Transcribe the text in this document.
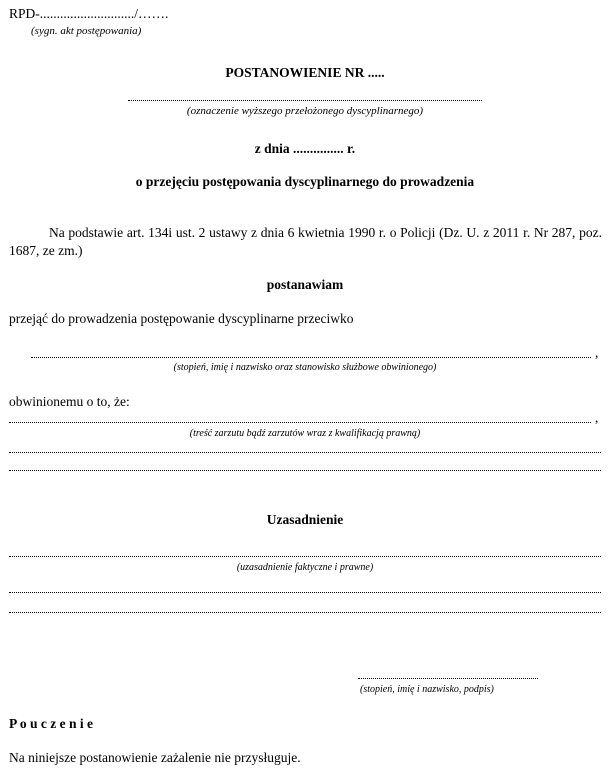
RPD-............................/…….
(sygn. akt postępowania)
POSTANOWIENIE NR .....
(oznaczenie wyższego przełożonego dyscyplinarnego)
z dnia ............... r.
o przejęciu postępowania dyscyplinarnego do prowadzenia
Na podstawie art. 134i ust. 2 ustawy z dnia 6 kwietnia 1990 r. o Policji (Dz. U. z 2011 r. Nr 287, poz. 1687, ze zm.)
postanawiam
przejąć do prowadzenia postępowanie dyscyplinarne przeciwko
,
(stopień, imię i nazwisko oraz stanowisko służbowe obwinionego)
obwinionemu o to, że:
,
(treść zarzutu bądź zarzutów wraz z kwalifikacją prawną)
Uzasadnienie
(uzasadnienie faktyczne i prawne)
(stopień, imię i nazwisko, podpis)
P o u c z e n i e
Na niniejsze postanowienie zażalenie nie przysługuje.
